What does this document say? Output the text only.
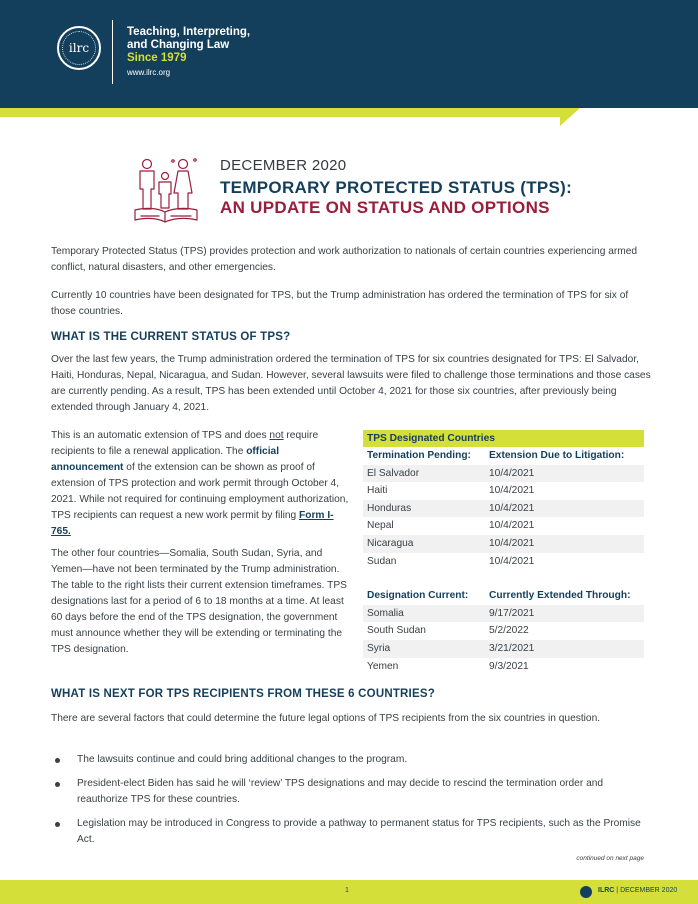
ilrc
Teaching, Interpreting,
and Changing Law
Since 1979
www.ilrc.org
DECEMBER 2020
TEMPORARY PROTECTED STATUS (TPS):
AN UPDATE ON STATUS AND OPTIONS
Temporary Protected Status (TPS) provides protection and work authorization to nationals of certain countries experiencing armed conflict, natural disasters, and other emergencies.
Currently 10 countries have been designated for TPS, but the Trump administration has ordered the termination of TPS for six of those countries.
WHAT IS THE CURRENT STATUS OF TPS?
Over the last few years, the Trump administration ordered the termination of TPS for six countries designated for TPS: El Salvador, Haiti, Honduras, Nepal, Nicaragua, and Sudan. However, several lawsuits were filed to challenge those terminations and those cases are currently pending. As a result, TPS has been extended until October 4, 2021 for those six countries, after previously being extended through January 4, 2021.
This is an automatic extension of TPS and does not require recipients to file a renewal application. The official announcement of the extension can be shown as proof of extension of TPS protection and work permit through October 4, 2021. While not required for continuing employment authorization, TPS recipients can request a new work permit by filing Form I-765.
The other four countries—Somalia, South Sudan, Syria, and Yemen—have not been terminated by the Trump administration. The table to the right lists their current extension timeframes. TPS designations last for a period of 6 to 18 months at a time. At least 60 days before the end of the TPS designation, the government must announce whether they will be extending or terminating the TPS designation.
TPS Designated Countries
Termination Pending:	Extension Due to Litigation:
El Salvador	10/4/2021
Haiti	10/4/2021
Honduras	10/4/2021
Nepal	10/4/2021
Nicaragua	10/4/2021
Sudan	10/4/2021
Designation Current:	Currently Extended Through:
Somalia	9/17/2021
South Sudan	5/2/2022
Syria	3/21/2021
Yemen	9/3/2021
WHAT IS NEXT FOR TPS RECIPIENTS FROM THESE 6 COUNTRIES?
There are several factors that could determine the future legal options of TPS recipients from the six countries in question.
The lawsuits continue and could bring additional changes to the program.
President-elect Biden has said he will ‘review’ TPS designations and may decide to rescind the termination order and reauthorize TPS for these countries.
Legislation may be introduced in Congress to provide a pathway to permanent status for TPS recipients, such as the Promise Act.
continued on next page
1	ILRC | DECEMBER 2020
